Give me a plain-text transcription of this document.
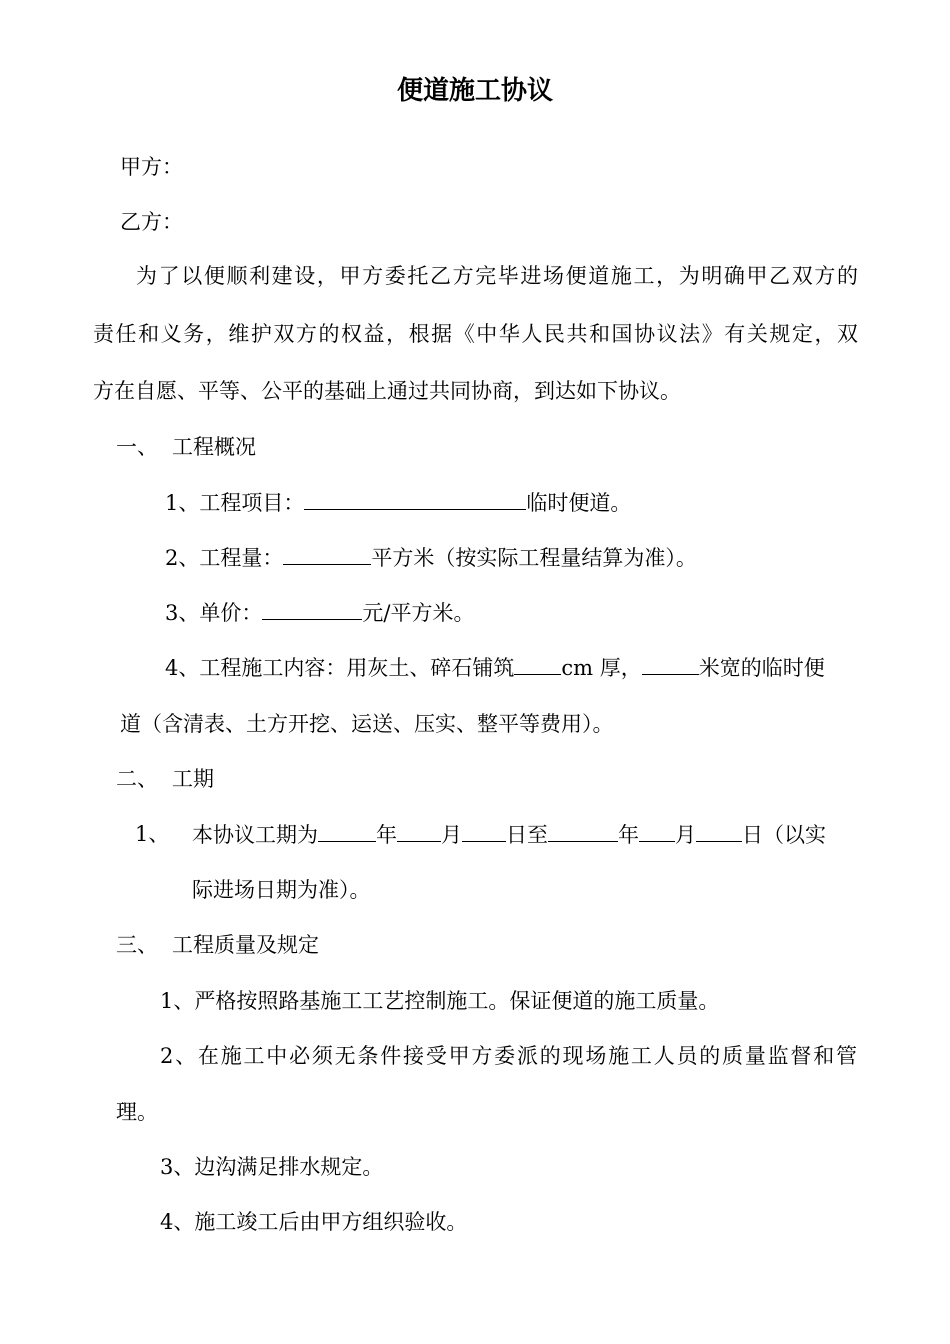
便道施工协议
甲方：
乙方：
为了以便顺利建设，甲方委托乙方完毕进场便道施工，为明确甲乙双方的
责任和义务，维护双方的权益，根据《中华人民共和国协议法》有关规定，双
方在自愿、平等、公平的基础上通过共同协商，到达如下协议。
一、 工程概况
1、工程项目：	临时便道。
2、工程量：	平方米（按实际工程量结算为准）。
3、单价：	元/平方米。
4、工程施工内容：用灰土、碎石铺筑 cm 厚，	米宽的临时便
道（含清表、土方开挖、运送、压实、整平等费用）。
二、 工期
1、 本协议工期为	年 月 日至	年 月 日（以实
际进场日期为准）。
三、 工程质量及规定
1、严格按照路基施工工艺控制施工。保证便道的施工质量。
2、在施工中必须无条件接受甲方委派的现场施工人员的质量监督和管
理。
3、边沟满足排水规定。
4、施工竣工后由甲方组织验收。
